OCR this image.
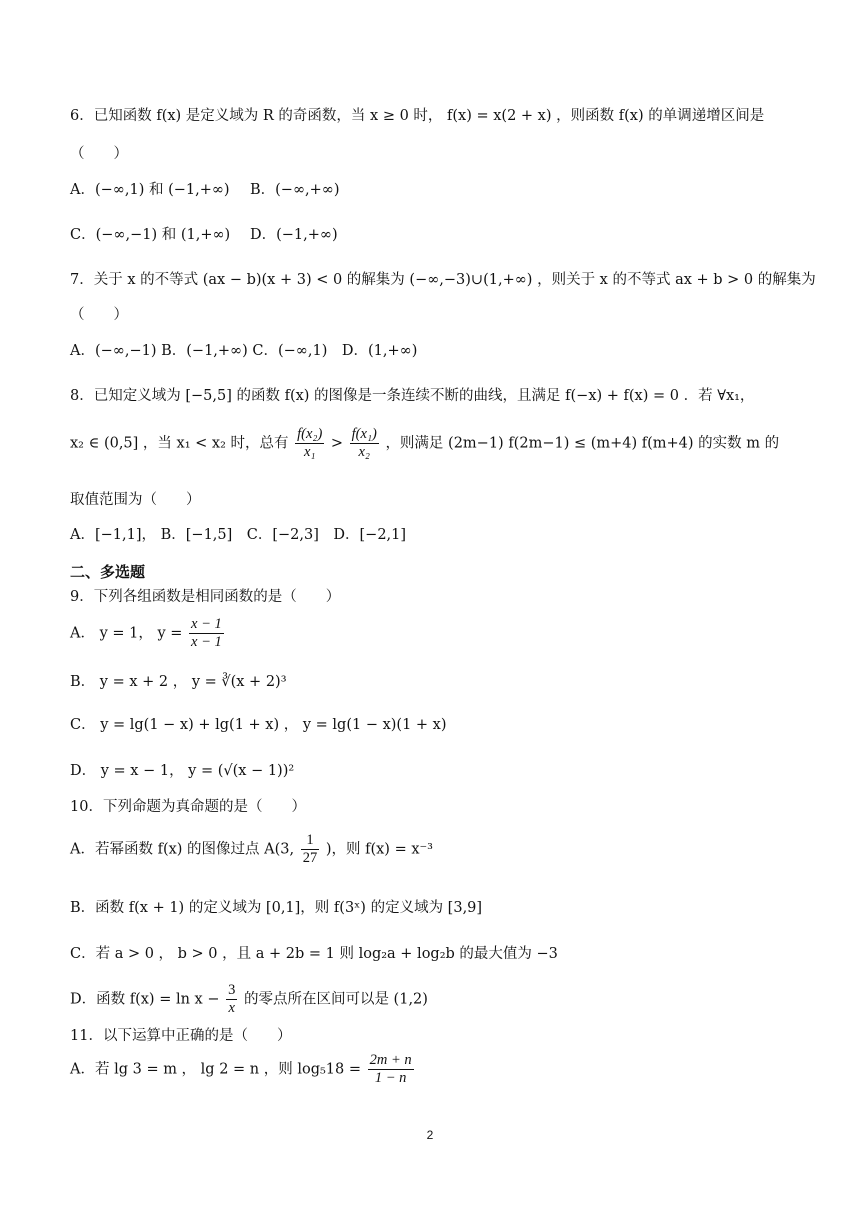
6．已知函数 f(x) 是定义域为 R 的奇函数，当 x ≥ 0 时， f(x) = x(2 + x) ，则函数 f(x) 的单调递增区间是
（　　）
A．(−∞,1) 和 (−1,+∞) B．(−∞,+∞)
C．(−∞,−1) 和 (1,+∞) D．(−1,+∞)
7．关于 x 的不等式 (ax − b)(x + 3) < 0 的解集为 (−∞,−3)∪(1,+∞) ，则关于 x 的不等式 ax + b > 0 的解集为
（　　）
A．(−∞,−1) B．(−1,+∞) C．(−∞,1)　D．(1,+∞)
8．已知定义域为 [−5,5] 的函数 f(x) 的图像是一条连续不断的曲线，且满足 f(−x) + f(x) = 0 ．若 ∀x₁，
x₂ ∈ (0,5] ，当 x₁ < x₂ 时，总有 $\frac{\text{f(x₂)}}{\text{x₁}} > \frac{\text{f(x₁)}}{\text{x₂}}$ ，则满足 (2m−1) f(2m−1) ≤ (m+4) f(m+4) 的实数 m 的
取值范围为（　　）
A．[−1,1]， B．[−1,5]　C．[−2,3]　D．[−2,1]
二、多选题
9．下列各组函数是相同函数的是（　　）
A． y = 1， $y = \frac{x - 1}{x - 1}$
B． y = x + 2 ， y = ∛(x + 2)³
C． y = lg(1 − x) + lg(1 + x) ， y = lg(1 − x)(1 + x)
D． y = x − 1， y = (√(x − 1))²
10．下列命题为真命题的是（　　）
A．若幂函数 f(x) 的图像过点 A(3, $\frac{1}{27}$ )，则 f(x) = x⁻³
B．函数 f(x + 1) 的定义域为 [0,1]，则 f(3ˣ) 的定义域为 [3,9]
C．若 a > 0 ， b > 0 ，且 a + 2b = 1 则 log₂a + log₂b 的最大值为 −3
D．函数 $f(x) = \ln x - \frac{3}{x}$ 的零点所在区间可以是 (1,2)
11．以下运算中正确的是（　　）
A．若 lg 3 = m ， lg 2 = n ，则 $\log_518 = \frac{2m + n}{1 - n}$
2
